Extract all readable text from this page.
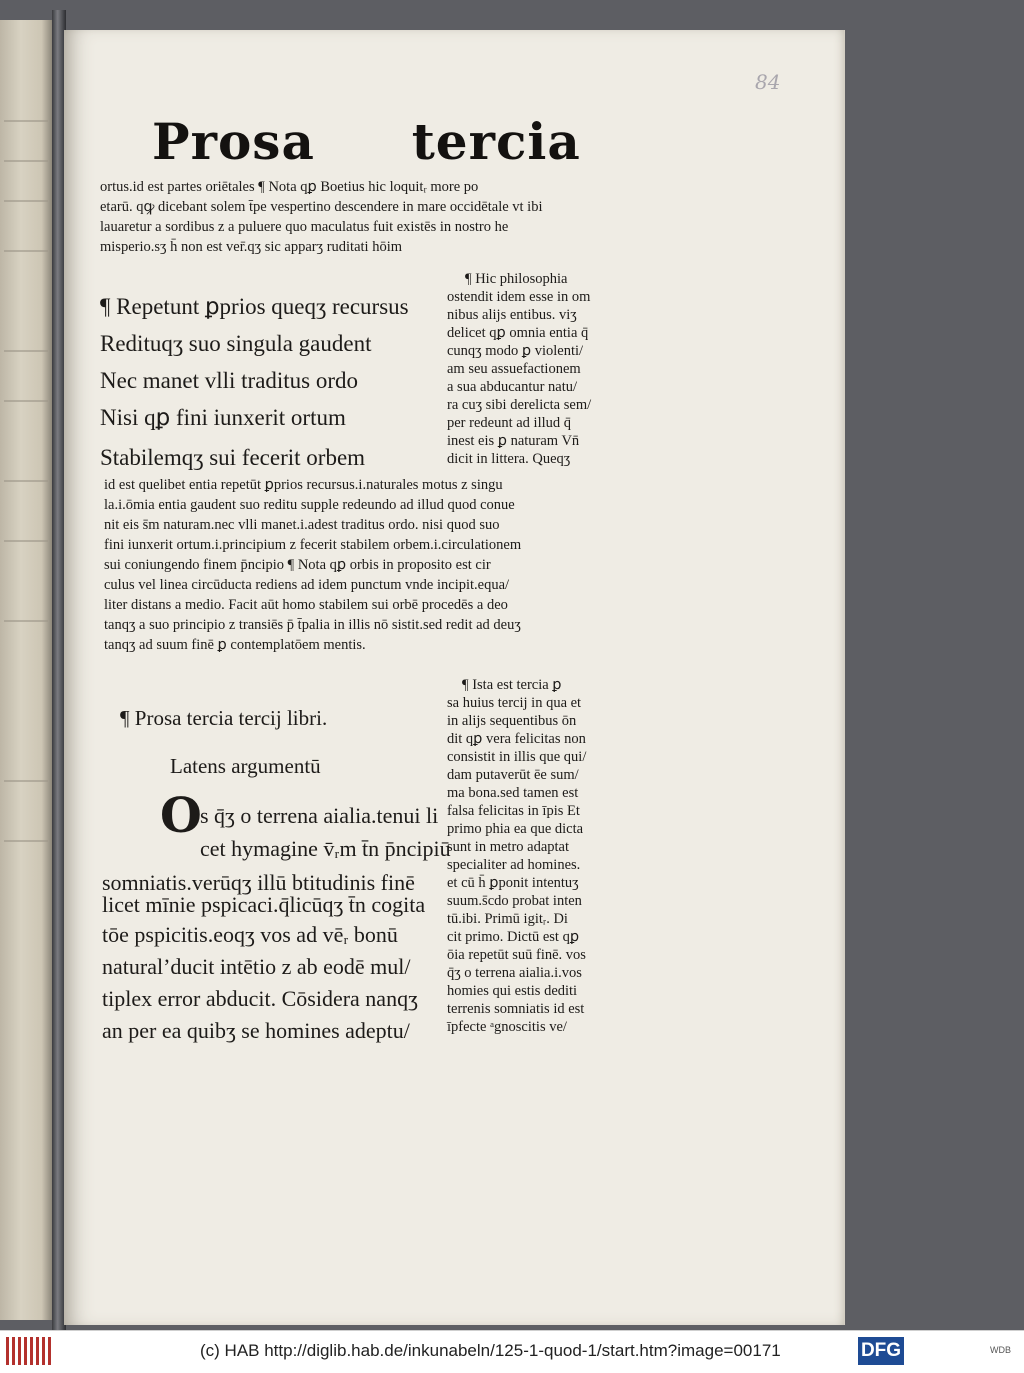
84
Prosa tercia
ortus.id est partes oriētales ¶ Nota qꝑ Boetius hic loquitᵣ more po
etarū. qꝙ dicebant solem t̄pe vespertino descendere in mare occidētale vt ibi
lauaretur a sordibus z a puluere quo maculatus fuit existēs in nostro he
misperio.sʒ h̄ non est ver̄.qʒ sic apparʒ ruditati hōim
¶ Repetunt ꝑprios queqʒ recursus
Redituqʒ suo singula gaudent
Nec manet vlli traditus ordo
Nisi qꝑ fini iunxerit ortum
Stabilemqʒ sui fecerit orbem
¶ Hic philosophia
ostendit idem esse in om
nibus alijs entibus. viʒ
delicet qꝑ omnia entia q̄
cunqʒ modo ꝑ violenti/
am seu assuefactionem
a sua abducantur natu/
ra cuʒ sibi derelicta sem/
per redeunt ad illud q̄
inest eis ꝑ naturam Vn̄
dicit in littera. Queqʒ
id est quelibet entia repetūt ꝑprios recursus.i.naturales motus z singu
la.i.ōmia entia gaudent suo reditu supple redeundo ad illud quod conue
nit eis s̄m naturam.nec vlli manet.i.adest traditus ordo. nisi quod suo
fini iunxerit ortum.i.principium z fecerit stabilem orbem.i.circulationem
sui coniungendo finem p̄ncipio ¶ Nota qꝑ orbis in proposito est cir
culus vel linea circūducta rediens ad idem punctum vnde incipit.equa/
liter distans a medio. Facit aūt homo stabilem sui orbē procedēs a deo
tanqʒ a suo principio z transiēs p̄ t̄palia in illis nō sistit.sed redit ad deuʒ
tanqʒ ad suum finē ꝑ contemplatōem mentis.
¶ Prosa tercia tercij libri.
Latens argumentū
O
s q̄ʒ o terrena aialia.tenui li
cet hymagine v̄ᵣm t̄n p̄ncipiū
somniatis.verūqʒ illū btitudinis finē
licet mīnie pspicaci.q̄licūqʒ t̄n cogita
tōe pspicitis.eoqʒ vos ad vēᵣ bonū
natural’ducit intētio z ab eodē mul/
tiplex error abducit. Cōsidera nanqʒ
an per ea quibʒ se homines adeptu/
¶ Ista est tercia ꝑ
sa huius tercij in qua et
in alijs sequentibus ōn
dit qꝑ vera felicitas non
consistit in illis que qui/
dam putaverūt ēe sum/
ma bona.sed tamen est
falsa felicitas in īpis Et
primo phia ea que dicta
sunt in metro adaptat
specialiter ad homines.
et cū h̄ ꝑponit intentuʒ
suum.s̄cdo probat inten
tū.ibi. Primū igitᵣ. Di
cit primo. Dictū est qꝑ
ōia repetūt suū finē. vos
q̄ʒ o terrena aialia.i.vos
homies qui estis dediti
terrenis somniatis id est
īpfecte ᵃgnoscitis ve/
(c) HAB http://diglib.hab.de/inkunabeln/125-1-quod-1/start.htm?image=00171	DFG	WDB
